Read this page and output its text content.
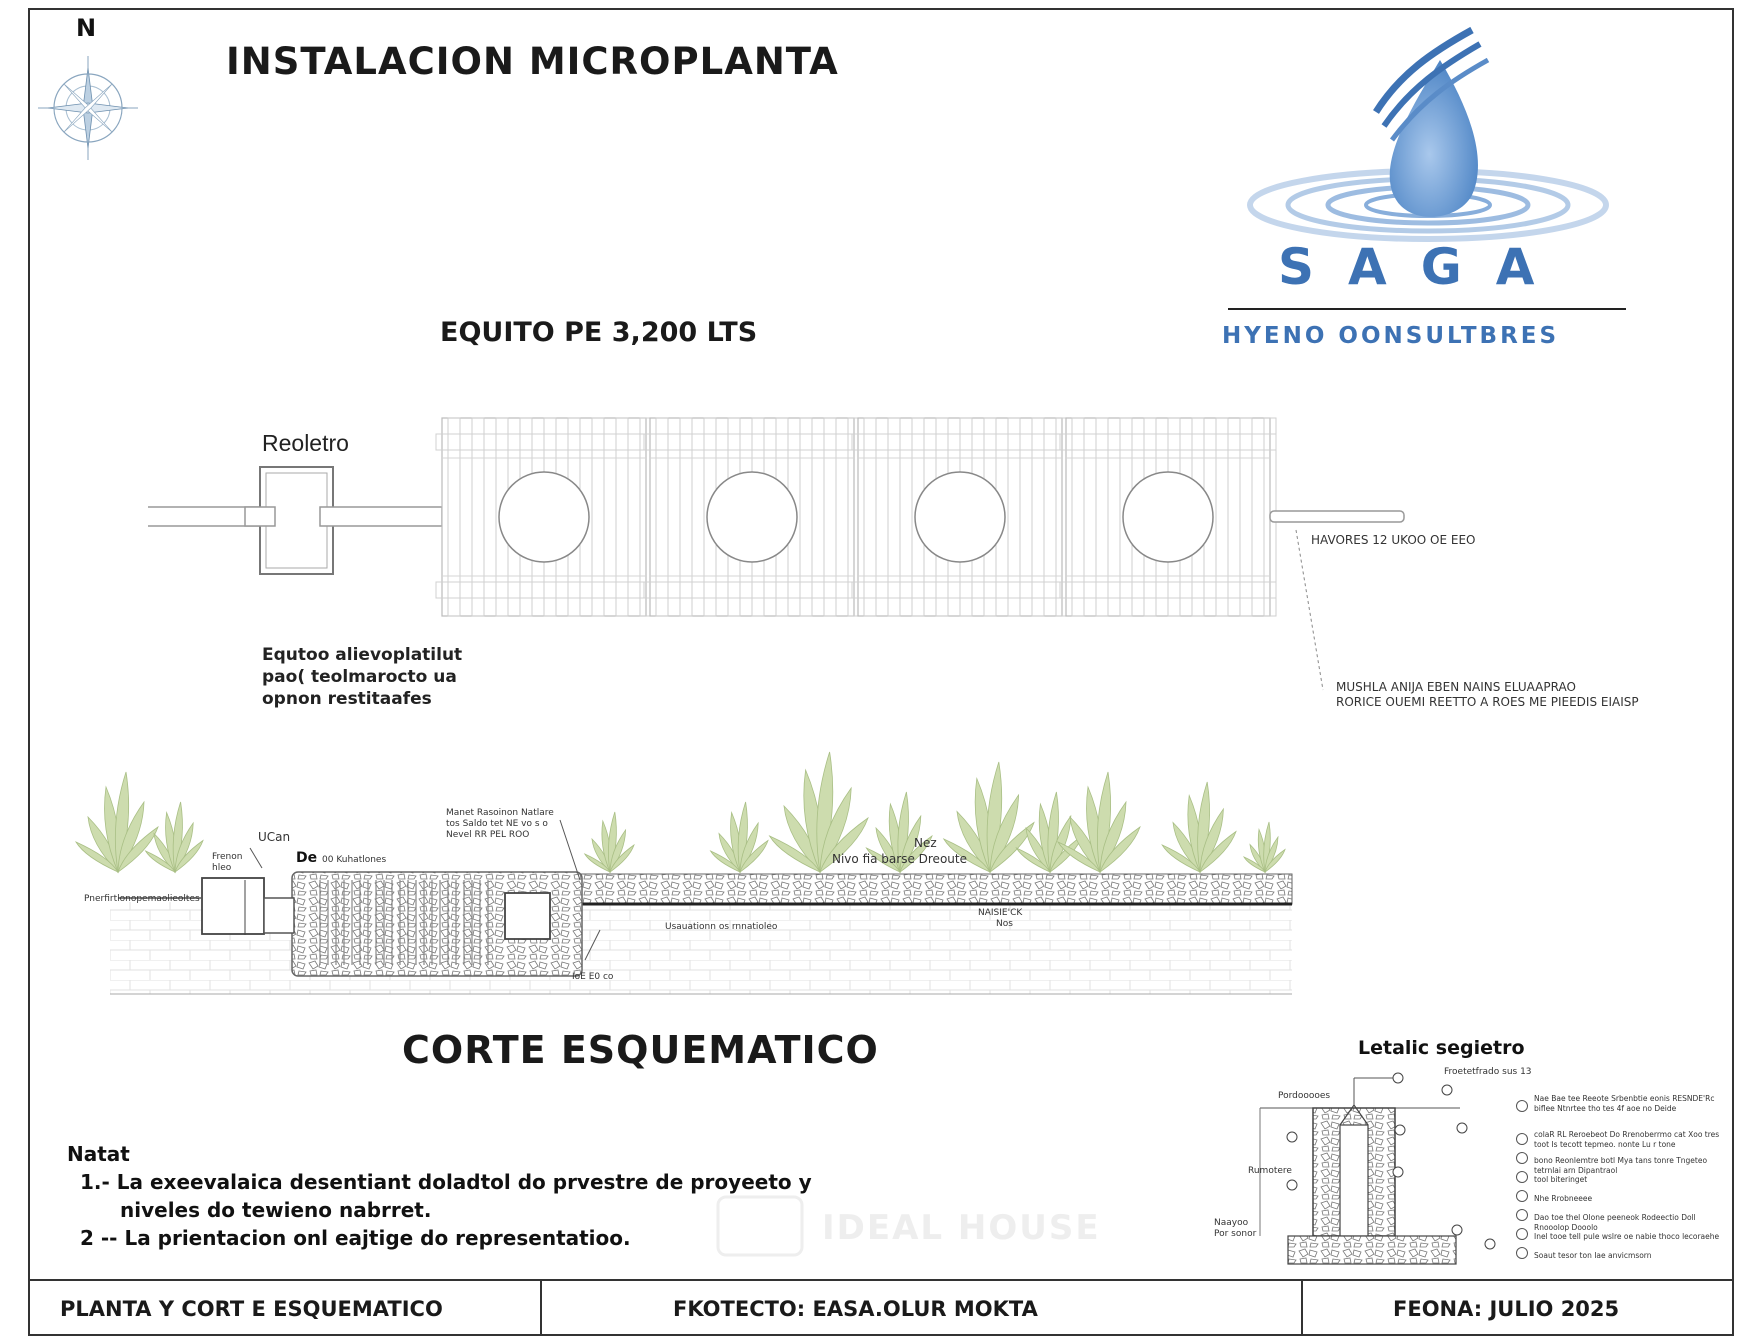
N
INSTALACION MICROPLANTA
SAGA
HYENO OONSULTBRES
EQUITO PE 3,200 LTS
Reoletro
HAVORES 12 UKOO OE EEO
Equtoo alievoplatilut
pao( teolmarocto ua
opnon restitaafes
MUSHLA ANIJA EBEN NAINS ELUAAPRAO
RORICE OUEMI REETTO A ROES ME PIEEDIS EIAISP
Manet Rasoinon Natlare
tos Saldo tet NE vo s o
Nevel RR PEL ROO
UCan
Frenon
hleo
De 00 Kuhatlones
Pnerfirtlonopemaolieoltes
Nivo fia barse Dreoute
Nez
Usauationn os rnnatioleo
NAISIE'CK
Nos
IoE E0 co
CORTE ESQUEMATICO
Natat
1.- La exeevalaica desentiant doladtol do prvestre de proyeeto y
niveles do tewieno nabrret.
2 -- La prientacion onl eajtige do representatioo.	IDEAL HOUSE
Letalic segietro
Froetetfrado sus 13
Pordooooes
Rumotere
Naayoo
Por sonor
Nae Bae tee Reeote Srbenbtie eonis RESNDE'Rc biflee Ntnrtee tho tes 4f aoe no Deide
colaR RL Reroebeot Do Rrenoberrmo cat Xoo tres toot Is tecott tepmeo. nonte Lu r tone
bono Reonlemtre botl Mya tans tonre Tngeteo tetrnlai arn Dipantraol
tool biteringet
Nhe Rrobneeee
Dao toe thel Olone peeneok Rodeectio Doll Rnooolop Dooolo
Inel tooe tell pule wslre oe nabie thoco lecoraehe
Soaut tesor ton Iae anvicmsorn
PLANTA Y CORT E ESQUEMATICO	FKOTECTO: EASA.OLUR MOKTA	FEONA: JULIO 2025
